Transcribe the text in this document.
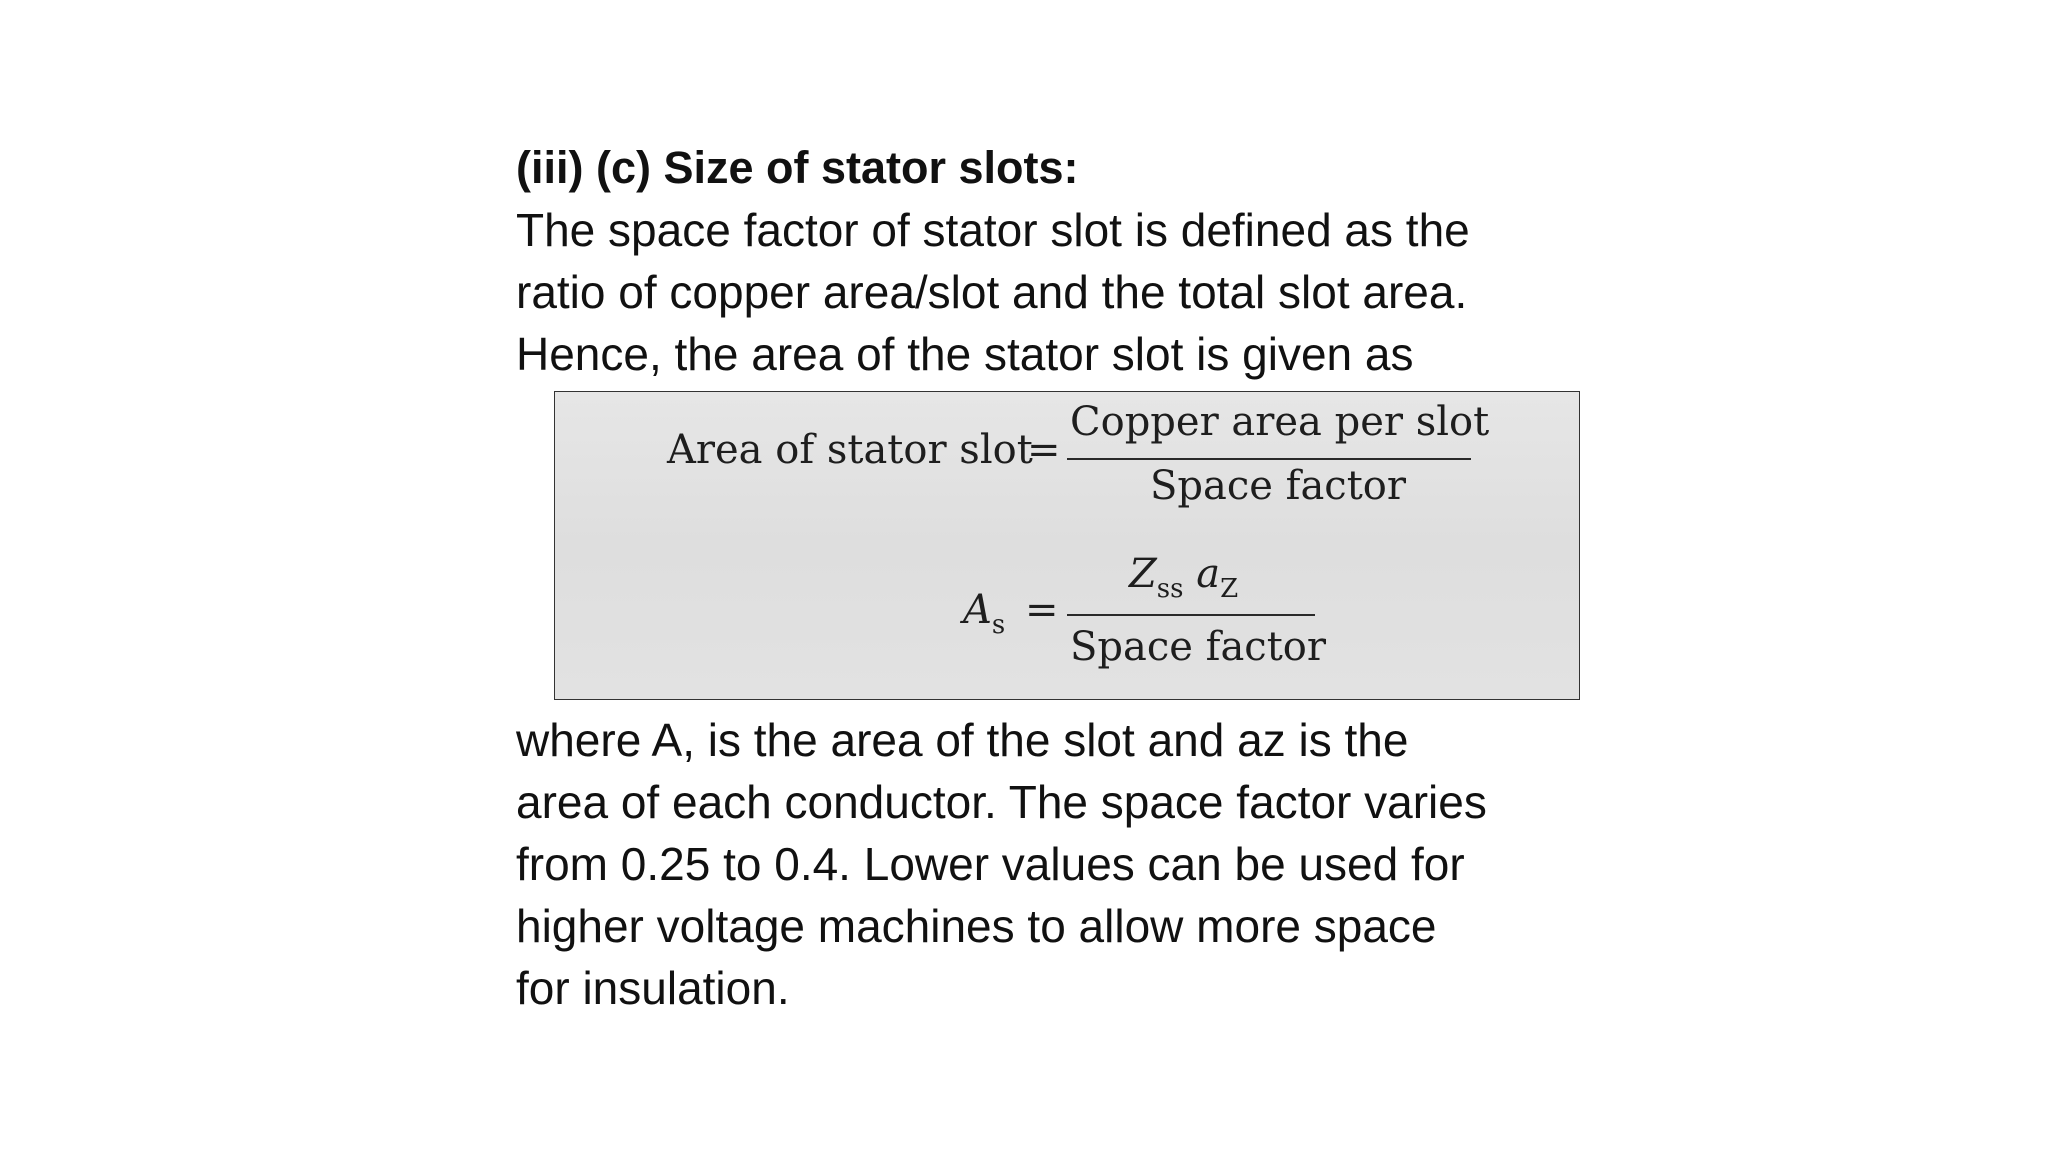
(iii) (c) Size of stator slots:
The space factor of stator slot is defined as the
ratio of copper area/slot and the total slot area.
Hence, the area of the stator slot is given as
Area of stator slot
=
Copper area per slot
Space factor
$A_s$ =
$Z_{ss}$ $a_Z$
Space factor
where A, is the area of the slot and az is the
area of each conductor. The space factor varies
from 0.25 to 0.4. Lower values can be used for
higher voltage machines to allow more space
for insulation.
